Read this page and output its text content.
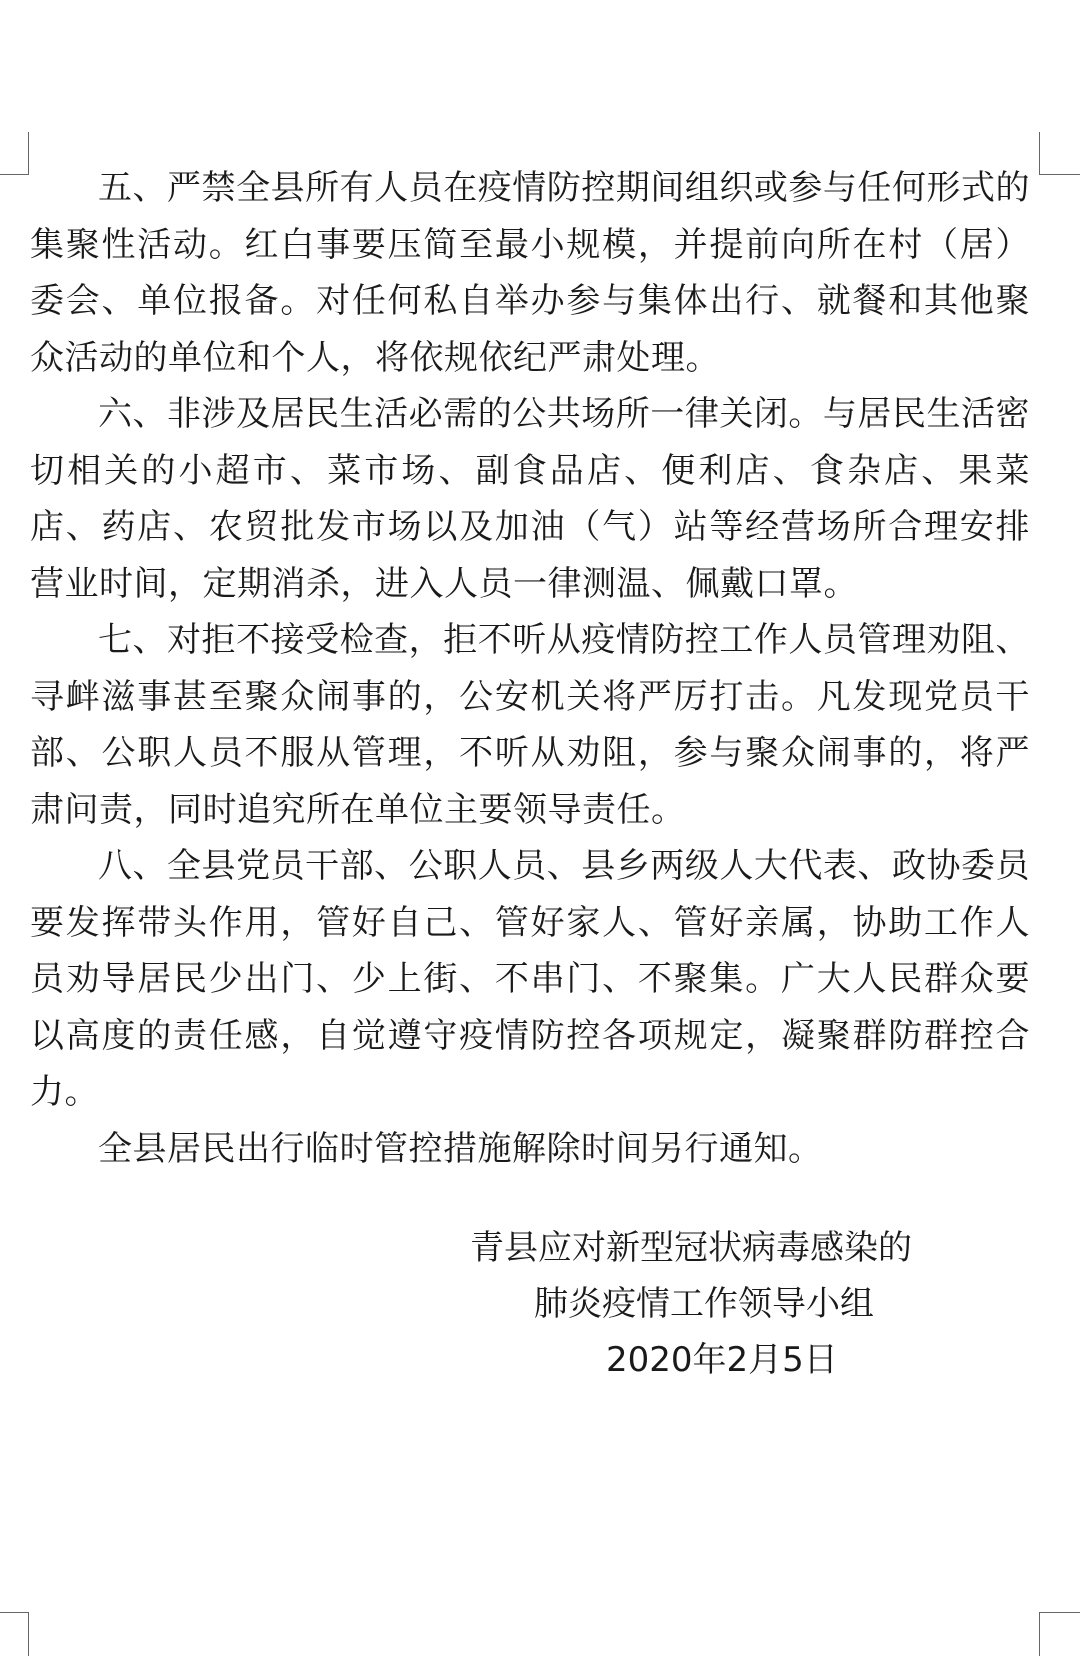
五、严禁全县所有人员在疫情防控期间组织或参与任何形式的集聚性活动。红白事要压简至最小规模，并提前向所在村（居）委会、单位报备。对任何私自举办参与集体出行、就餐和其他聚众活动的单位和个人，将依规依纪严肃处理。

六、非涉及居民生活必需的公共场所一律关闭。与居民生活密切相关的小超市、菜市场、副食品店、便利店、食杂店、果菜店、药店、农贸批发市场以及加油（气）站等经营场所合理安排营业时间，定期消杀，进入人员一律测温、佩戴口罩。

七、对拒不接受检查，拒不听从疫情防控工作人员管理劝阻、寻衅滋事甚至聚众闹事的，公安机关将严厉打击。凡发现党员干部、公职人员不服从管理，不听从劝阻，参与聚众闹事的，将严肃问责，同时追究所在单位主要领导责任。

八、全县党员干部、公职人员、县乡两级人大代表、政协委员要发挥带头作用，管好自己、管好家人、管好亲属，协助工作人员劝导居民少出门、少上街、不串门、不聚集。广大人民群众要以高度的责任感，自觉遵守疫情防控各项规定，凝聚群防群控合力。

全县居民出行临时管控措施解除时间另行通知。

青县应对新型冠状病毒感染的
肺炎疫情工作领导小组
2020年2月5日
